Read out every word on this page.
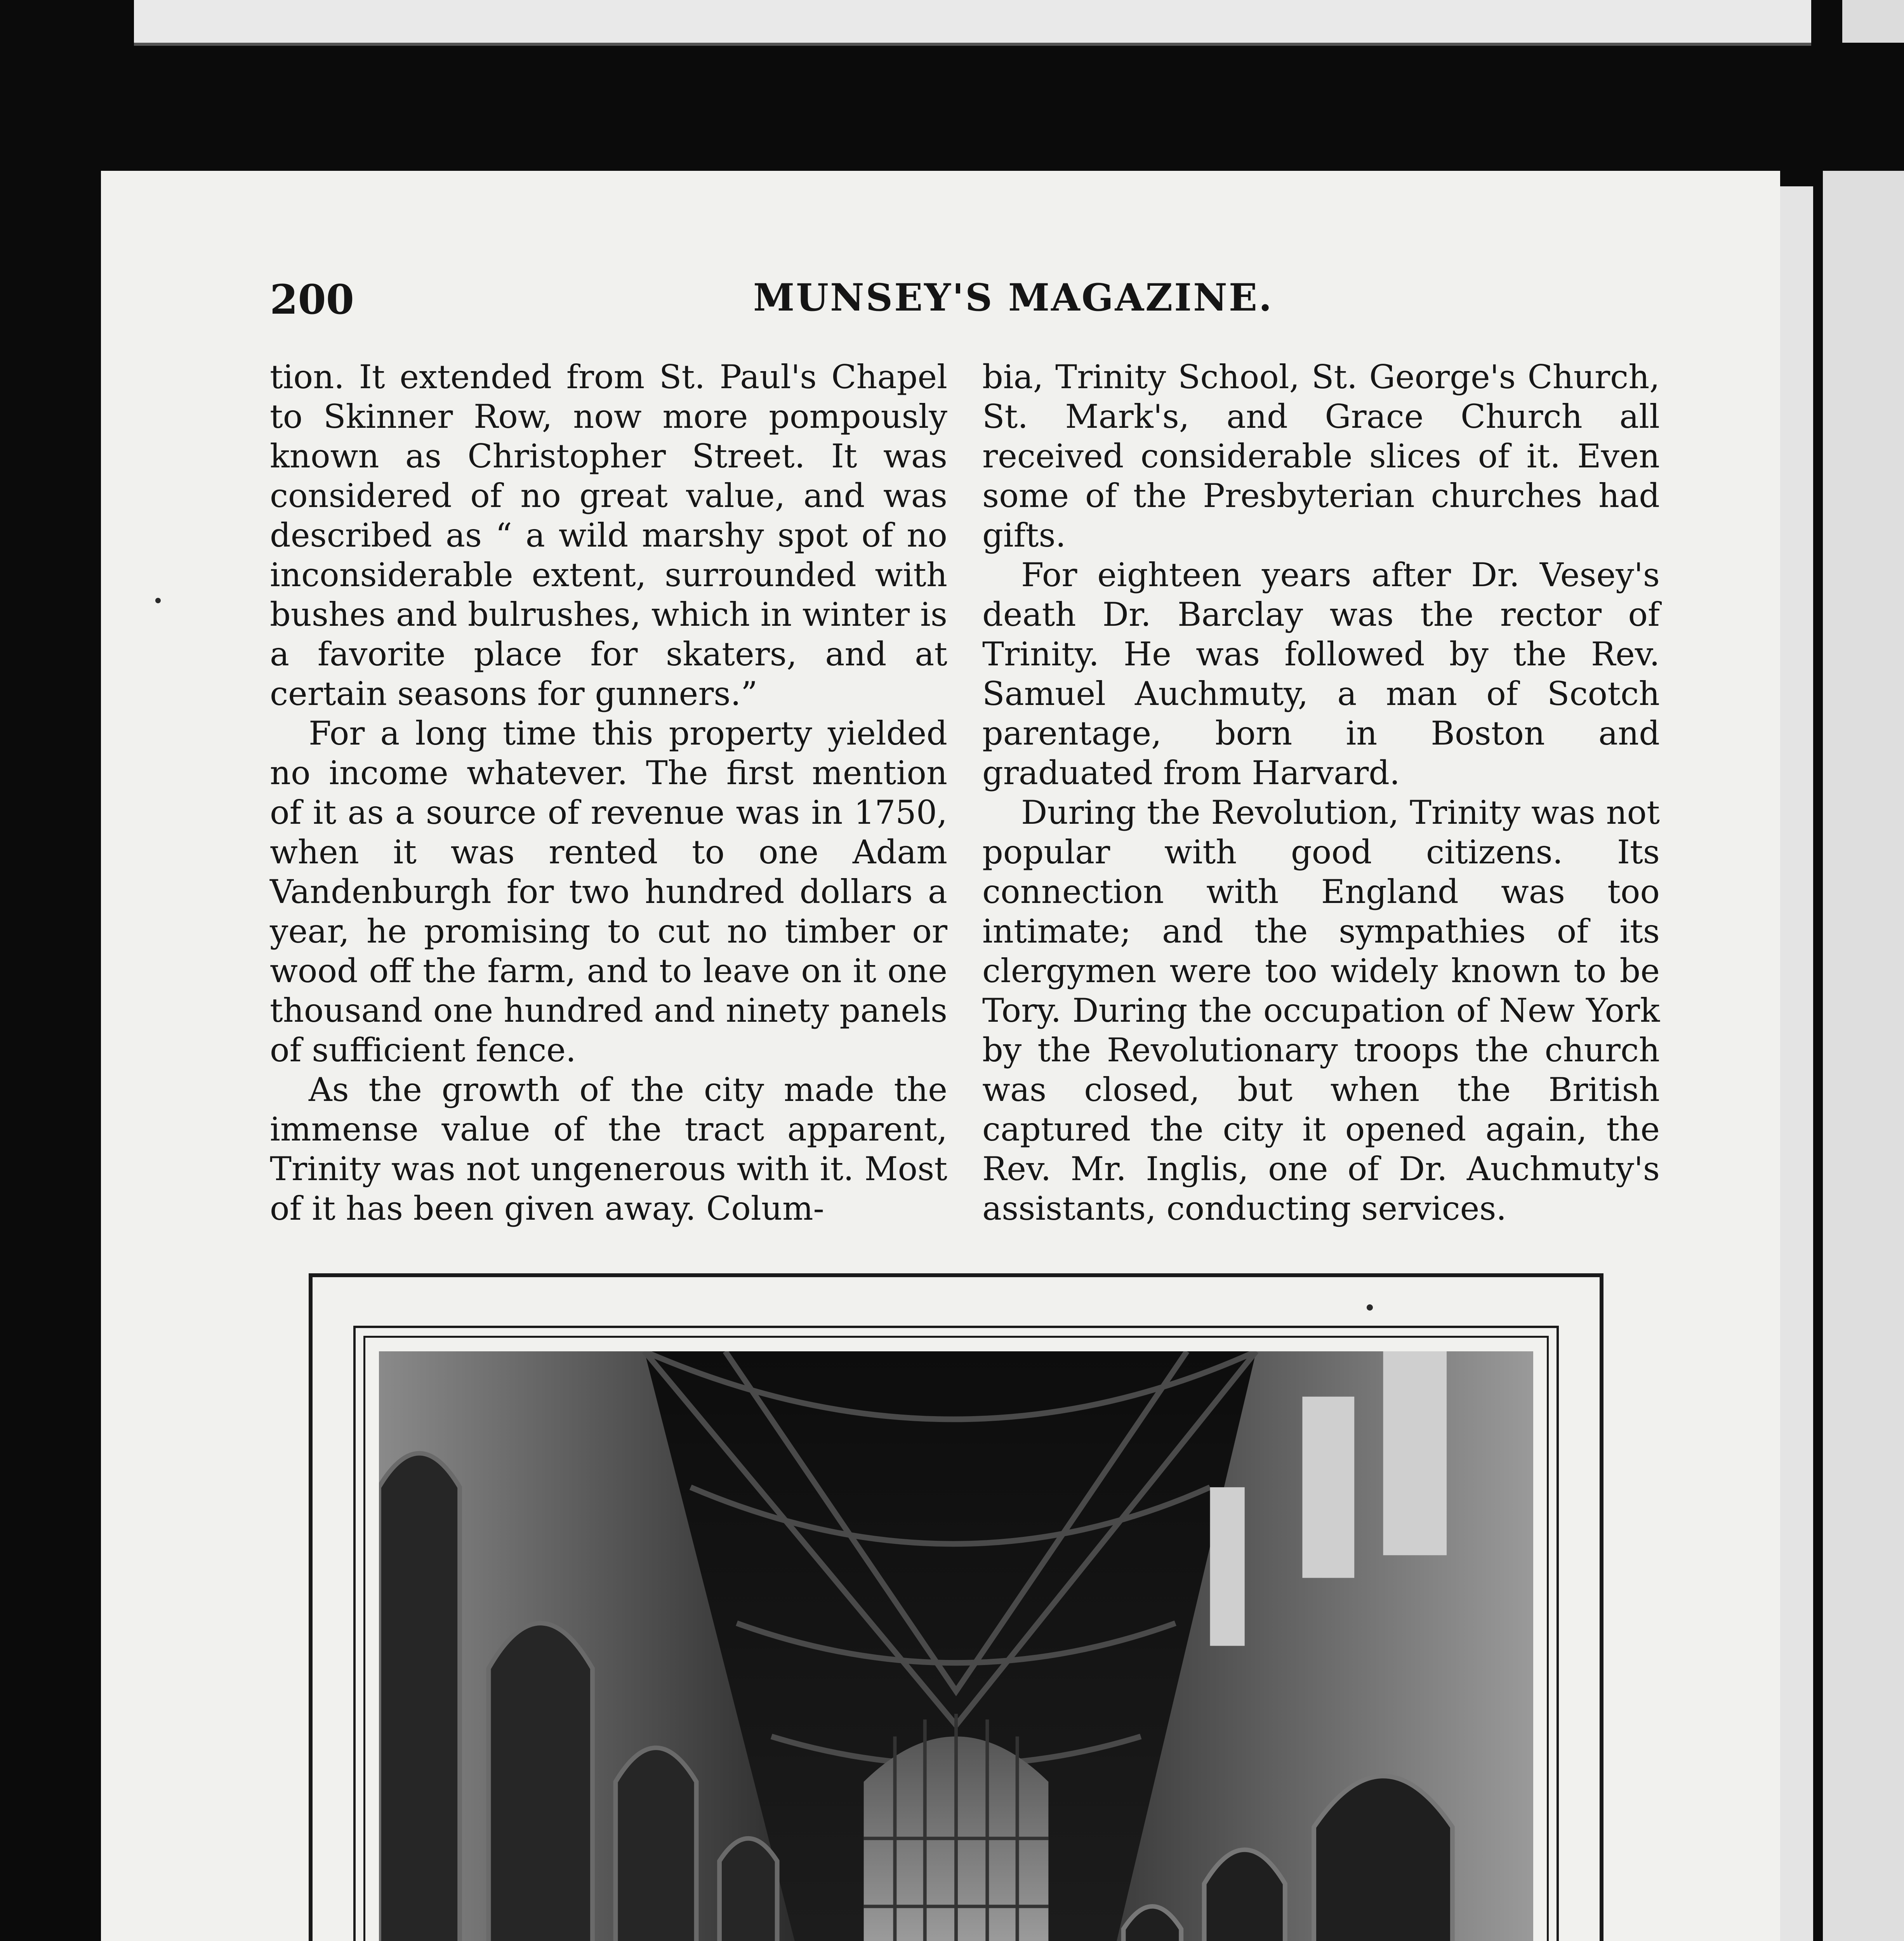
200	MUNSEY'S MAGAZINE.

tion. It extended from St. Paul's Chapel to Skinner Row, now more pompously known as Christopher Street. It was considered of no great value, and was described as “ a wild marshy spot of no inconsiderable extent, surrounded with bushes and bulrushes, which in winter is a favorite place for skaters, and at certain seasons for gunners.”

For a long time this property yielded no income whatever. The first mention of it as a source of revenue was in 1750, when it was rented to one Adam Vandenburgh for two hundred dollars a year, he promising to cut no timber or wood off the farm, and to leave on it one thousand one hundred and ninety panels of sufficient fence.

As the growth of the city made the immense value of the tract apparent, Trinity was not ungenerous with it. Most of it has been given away. Colum-

bia, Trinity School, St. George's Church, St. Mark's, and Grace Church all received considerable slices of it. Even some of the Presbyterian churches had gifts.

For eighteen years after Dr. Vesey's death Dr. Barclay was the rector of Trinity. He was followed by the Rev. Samuel Auchmuty, a man of Scotch parentage, born in Boston and graduated from Harvard.

During the Revolution, Trinity was not popular with good citizens. Its connection with England was too intimate; and the sympathies of its clergymen were too widely known to be Tory. During the occupation of New York by the Revolutionary troops the church was closed, but when the British captured the city it opened again, the Rev. Mr. Inglis, one of Dr. Auchmuty's assistants, conducting services.
